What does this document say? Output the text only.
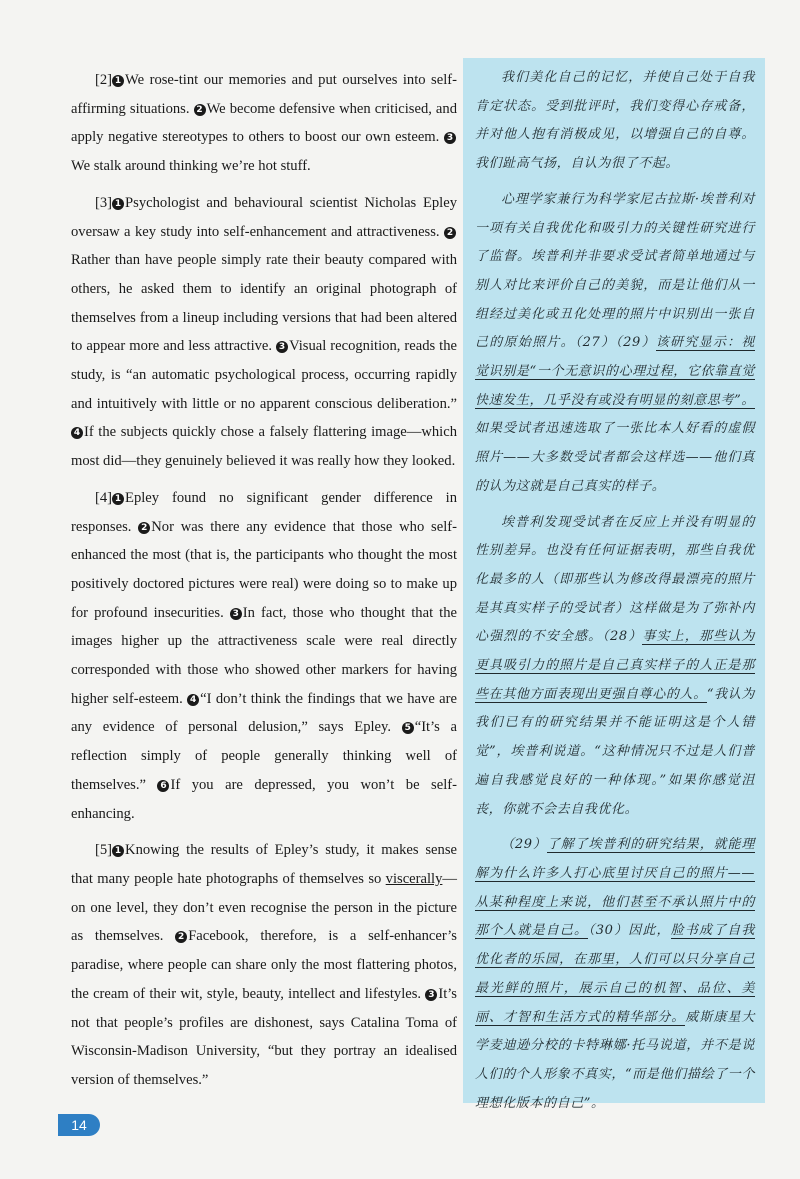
[2] 1 We rose-tint our memories and put ourselves into self-affirming situations. 2 We become defensive when criticised, and apply negative stereotypes to others to boost our own esteem. 3We stalk around thinking we’re hot stuff.

[3] 1 Psychologist and behavioural scientist Nicholas Epley oversaw a key study into self-enhancement and attractiveness. 2Rather than have people simply rate their beauty compared with others, he asked them to identify an original photograph of themselves from a lineup including versions that had been altered to appear more and less attractive. 3 Visual recognition, reads the study, is “an automatic psychological process, occurring rapidly and intuitively with little or no apparent conscious deliberation.” 4 If the subjects quickly chose a falsely flattering image—which most did—they genuinely believed it was really how they looked.

[4] 1 Epley found no significant gender difference in responses. 2 Nor was there any evidence that those who self-enhanced the most (that is, the participants who thought the most positively doctored pictures were real) were doing so to make up for profound insecurities. 3 In fact, those who thought that the images higher up the attractiveness scale were real directly corresponded with those who showed other markers for having higher self-esteem. 4 “I don’t think the findings that we have are any evidence of personal delusion,” says Epley. 5 “It’s a reflection simply of people generally thinking well of themselves.” 6 If you are depressed, you won’t be self-enhancing.

[5] 1 Knowing the results of Epley’s study, it makes sense that many people hate photographs of themselves so viscerally—on one level, they don’t even recognise the person in the picture as themselves. 2 Facebook, therefore, is a self-enhancer’s paradise, where people can share only the most flattering photos, the cream of their wit, style, beauty, intellect and lifestyles. 3 It’s not that people’s profiles are dishonest, says Catalina Toma of Wisconsin-Madison University, “but they portray an idealised version of themselves.”

我们美化自己的记忆，并使自己处于自我肯定状态。受到批评时，我们变得心存戒备，并对他人抱有消极成见，以增强自己的自尊。我们趾高气扬，自认为很了不起。

心理学家兼行为科学家尼古拉斯·埃普利对一项有关自我优化和吸引力的关键性研究进行了监督。埃普利并非要求受试者简单地通过与别人对比来评价自己的美貌，而是让他们从一组经过美化或丑化处理的照片中识别出一张自己的原始照片。（27）（29）该研究显示：视觉识别是“一个无意识的心理过程，它依靠直觉快速发生，几乎没有或没有明显的刻意思考”。如果受试者迅速选取了一张比本人好看的虚假照片——大多数受试者都会这样选——他们真的认为这就是自己真实的样子。

埃普利发现受试者在反应上并没有明显的性别差异。也没有任何证据表明，那些自我优化最多的人（即那些认为修改得最漂亮的照片是其真实样子的受试者）这样做是为了弥补内心强烈的不安全感。（28）事实上，那些认为更具吸引力的照片是自己真实样子的人正是那些在其他方面表现出更强自尊心的人。“我认为我们已有的研究结果并不能证明这是个人错觉”，埃普利说道。“这种情况只不过是人们普遍自我感觉良好的一种体现。”如果你感觉沮丧，你就不会去自我优化。

（29）了解了埃普利的研究结果，就能理解为什么许多人打心底里讨厌自己的照片——从某种程度上来说，他们甚至不承认照片中的那个人就是自己。（30）因此，脸书成了自我优化者的乐园，在那里，人们可以只分享自己最光鲜的照片，展示自己的机智、品位、美丽、才智和生活方式的精华部分。威斯康星大学麦迪逊分校的卡特琳娜·托马说道，并不是说人们的个人形象不真实，“而是他们描绘了一个理想化版本的自己”。

14
